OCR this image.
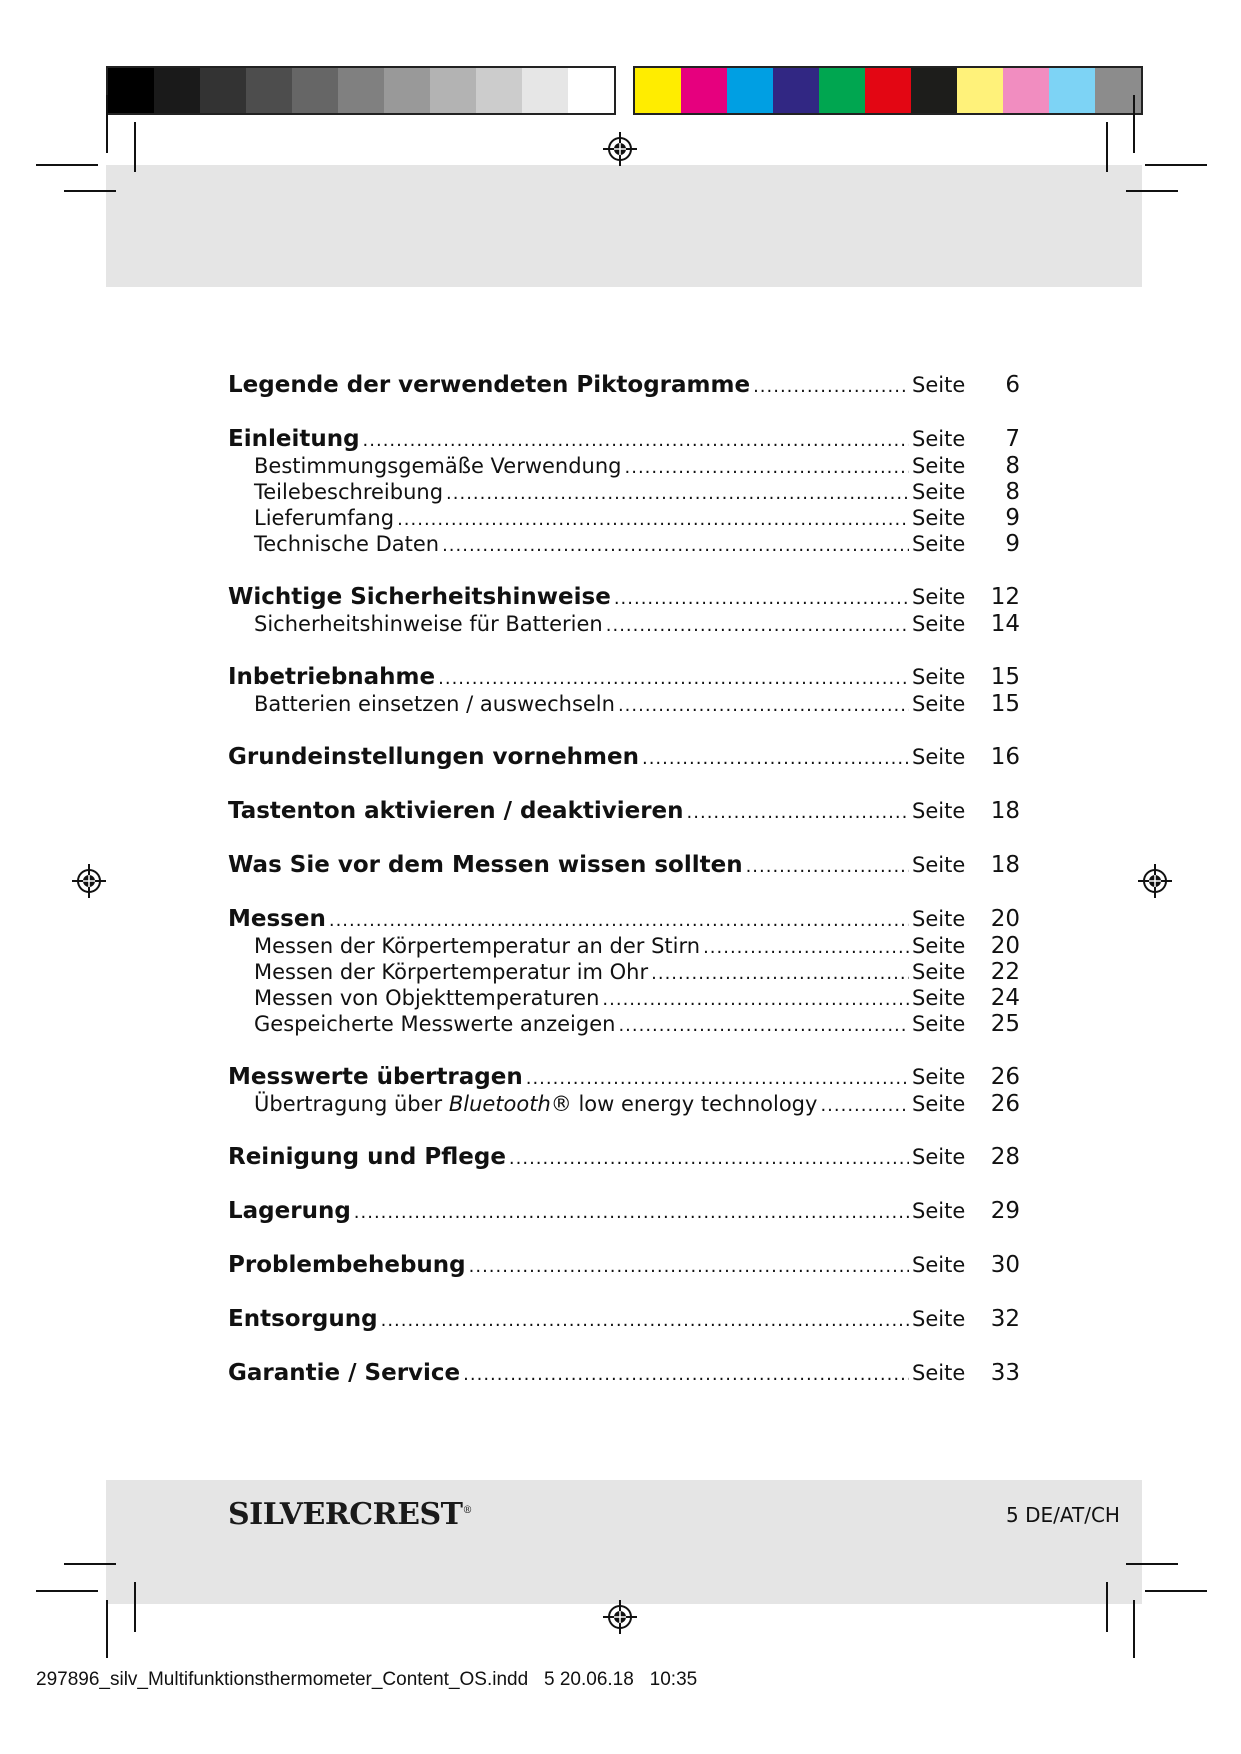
Legende der verwendeten Piktogramme .....	Seite	6
Einleitung .....	Seite	7
Bestimmungsgemäße Verwendung .....	Seite	8
Teilebeschreibung .....	Seite	8
Lieferumfang .....	Seite	9
Technische Daten .....	Seite	9
Wichtige Sicherheitshinweise .....	Seite	12
Sicherheitshinweise für Batterien .....	Seite	14
Inbetriebnahme .....	Seite	15
Batterien einsetzen / auswechseln .....	Seite	15
Grundeinstellungen vornehmen .....	Seite	16
Tastenton aktivieren / deaktivieren .....	Seite	18
Was Sie vor dem Messen wissen sollten .....	Seite	18
Messen .....	Seite	20
Messen der Körpertemperatur an der Stirn .....	Seite	20
Messen der Körpertemperatur im Ohr .....	Seite	22
Messen von Objekttemperaturen .....	Seite	24
Gespeicherte Messwerte anzeigen .....	Seite	25
Messwerte übertragen .....	Seite	26
Übertragung über Bluetooth® low energy technology .....	Seite	26
Reinigung und Pflege .....	Seite	28
Lagerung .....	Seite	29
Problembehebung .....	Seite	30
Entsorgung .....	Seite	32
Garantie / Service .....	Seite	33
SILVERCREST®	5 DE/AT/CH
297896_silv_Multifunktionsthermometer_Content_OS.indd   5 20.06.18   10:35
